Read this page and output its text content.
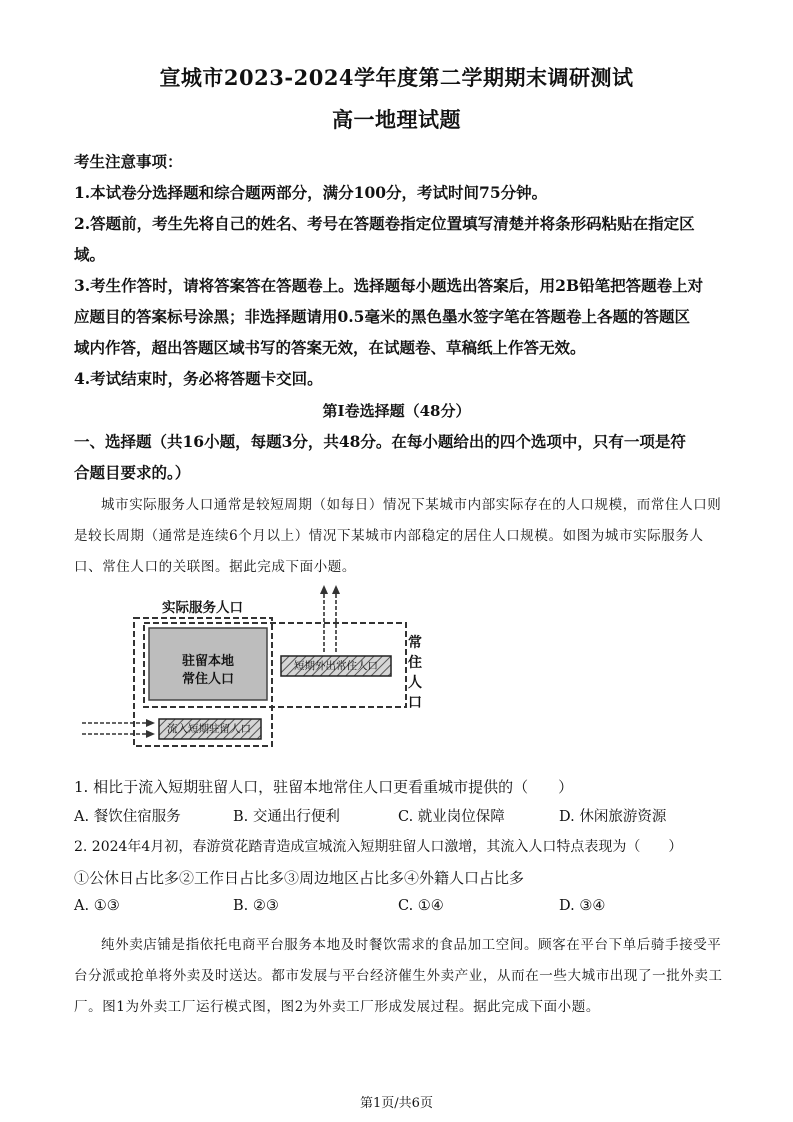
宣城市2023-2024学年度第二学期期末调研测试
高一地理试题
考生注意事项：
1.本试卷分选择题和综合题两部分，满分100分，考试时间75分钟。
2.答题前，考生先将自己的姓名、考号在答题卷指定位置填写清楚并将条形码粘贴在指定区
域。
3.考生作答时，请将答案答在答题卷上。选择题每小题选出答案后，用2B铅笔把答题卷上对
应题目的答案标号涂黑；非选择题请用0.5毫米的黑色墨水签字笔在答题卷上各题的答题区
域内作答，超出答题区域书写的答案无效，在试题卷、草稿纸上作答无效。
4.考试结束时，务必将答题卡交回。
第Ⅰ卷选择题（48分）
一、选择题（共16小题，每题3分，共48分。在每小题给出的四个选项中，只有一项是符
合题目要求的。）
城市实际服务人口通常是较短周期（如每日）情况下某城市内部实际存在的人口规模，而常住人口则
是较长周期（通常是连续6个月以上）情况下某城市内部稳定的居住人口规模。如图为城市实际服务人
口、常住人口的关联图。据此完成下面小题。
实际服务人口
驻留本地
常住人口
短期外出常住人口
流入短期驻留人口
常
住
人
口
1. 相比于流入短期驻留人口，驻留本地常住人口更看重城市提供的（　　）
A. 餐饮住宿服务	B. 交通出行便利	C. 就业岗位保障	D. 休闲旅游资源
2. 2024年4月初，春游赏花踏青造成宣城流入短期驻留人口激增，其流入人口特点表现为（　　）
①公休日占比多②工作日占比多③周边地区占比多④外籍人口占比多
A. ①③	B. ②③	C. ①④	D. ③④
纯外卖店铺是指依托电商平台服务本地及时餐饮需求的食品加工空间。顾客在平台下单后骑手接受平
台分派或抢单将外卖及时送达。都市发展与平台经济催生外卖产业，从而在一些大城市出现了一批外卖工
厂。图1为外卖工厂运行模式图，图2为外卖工厂形成发展过程。据此完成下面小题。
第1页/共6页
